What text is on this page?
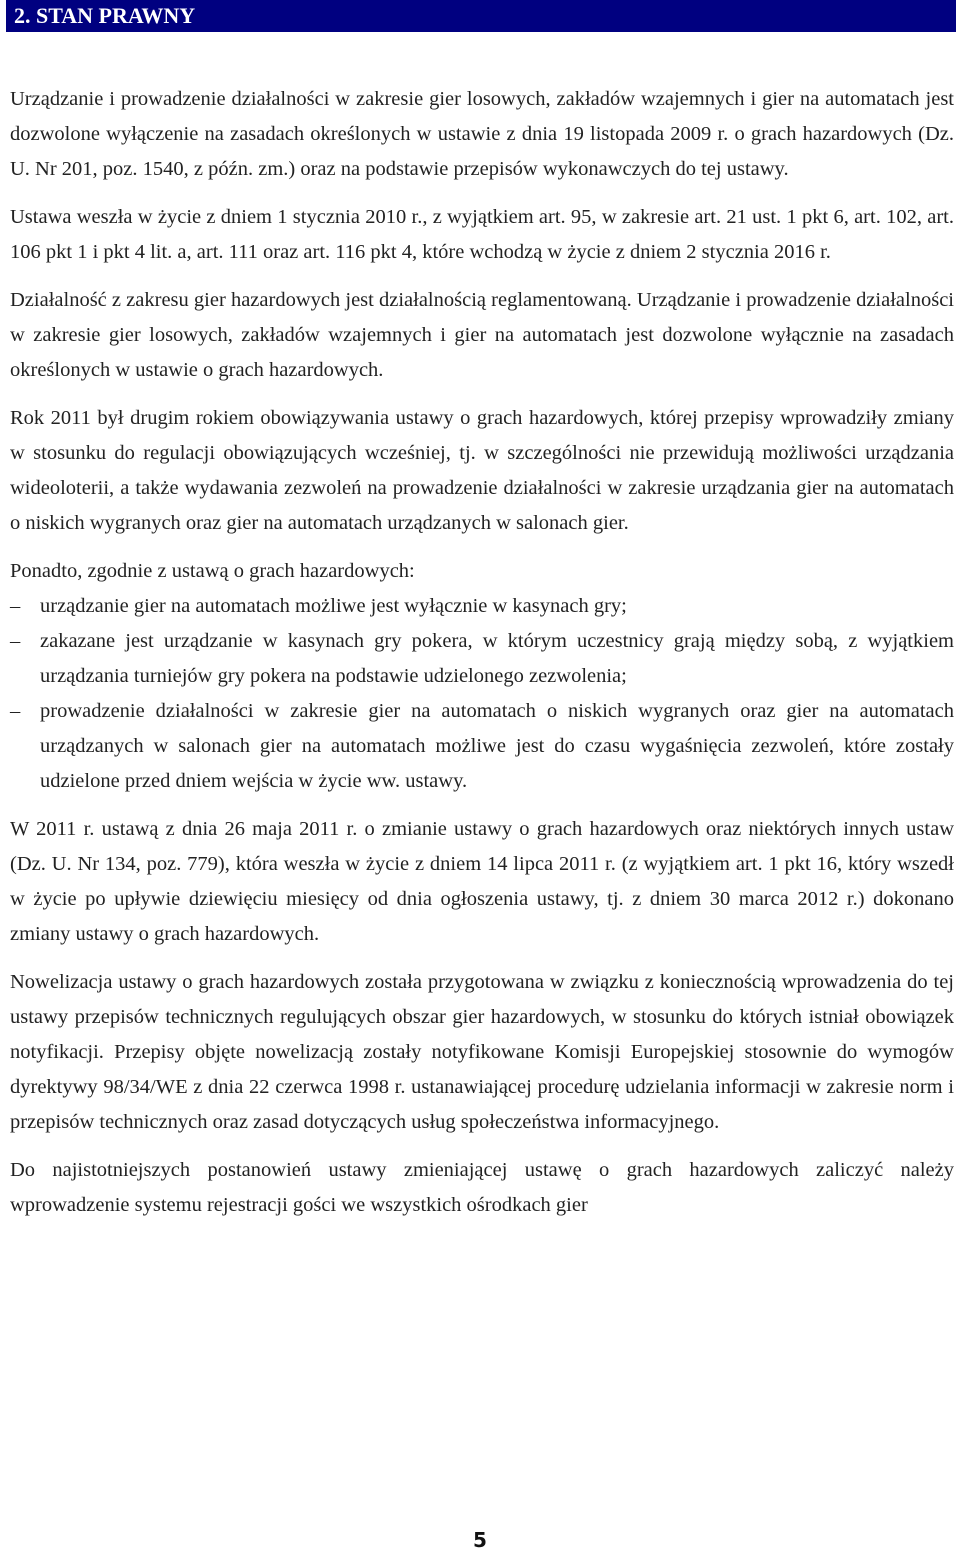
2. STAN PRAWNY

Urządzanie i prowadzenie działalności w zakresie gier losowych, zakładów wzajemnych i gier na automatach jest dozwolone wyłączenie na zasadach określonych w ustawie z dnia 19 listopada 2009 r. o grach hazardowych (Dz. U. Nr 201, poz. 1540, z późn. zm.) oraz na podstawie przepisów wykonawczych do tej ustawy.

Ustawa weszła w życie z dniem 1 stycznia 2010 r., z wyjątkiem art. 95, w zakresie art. 21 ust. 1 pkt 6, art. 102, art. 106 pkt 1 i pkt 4 lit. a, art. 111 oraz art. 116 pkt 4, które wchodzą w życie z dniem 2 stycznia 2016 r.

Działalność z zakresu gier hazardowych jest działalnością reglamentowaną. Urządzanie i prowadzenie działalności w zakresie gier losowych, zakładów wzajemnych i gier na automatach jest dozwolone wyłącznie na zasadach określonych w ustawie o grach hazardowych.

Rok 2011 był drugim rokiem obowiązywania ustawy o grach hazardowych, której przepisy wprowadziły zmiany w stosunku do regulacji obowiązujących wcześniej, tj. w szczególności nie przewidują możliwości urządzania wideoloterii, a także wydawania zezwoleń na prowadzenie działalności w zakresie urządzania gier na automatach o niskich wygranych oraz gier na automatach urządzanych w salonach gier.

Ponadto, zgodnie z ustawą o grach hazardowych:

– urządzanie gier na automatach możliwe jest wyłącznie w kasynach gry;
– zakazane jest urządzanie w kasynach gry pokera, w którym uczestnicy grają między sobą, z wyjątkiem urządzania turniejów gry pokera na podstawie udzielonego zezwolenia;
– prowadzenie działalności w zakresie gier na automatach o niskich wygranych oraz gier na automatach urządzanych w salonach gier na automatach możliwe jest do czasu wygaśnięcia zezwoleń, które zostały udzielone przed dniem wejścia w życie ww. ustawy.

W 2011 r. ustawą z dnia 26 maja 2011 r. o zmianie ustawy o grach hazardowych oraz niektórych innych ustaw (Dz. U. Nr 134, poz. 779), która weszła w życie z dniem 14 lipca 2011 r. (z wyjątkiem art. 1 pkt 16, który wszedł w życie po upływie dziewięciu miesięcy od dnia ogłoszenia ustawy, tj. z dniem 30 marca 2012 r.) dokonano zmiany ustawy o grach hazardowych.

Nowelizacja ustawy o grach hazardowych została przygotowana w związku z koniecznością wprowadzenia do tej ustawy przepisów technicznych regulujących obszar gier hazardowych, w stosunku do których istniał obowiązek notyfikacji. Przepisy objęte nowelizacją zostały notyfikowane Komisji Europejskiej stosownie do wymogów dyrektywy 98/34/WE z dnia 22 czerwca 1998 r. ustanawiającej procedurę udzielania informacji w zakresie norm i przepisów technicznych oraz zasad dotyczących usług społeczeństwa informacyjnego.

Do najistotniejszych postanowień ustawy zmieniającej ustawę o grach hazardowych zaliczyć należy wprowadzenie systemu rejestracji gości we wszystkich ośrodkach gier

5
